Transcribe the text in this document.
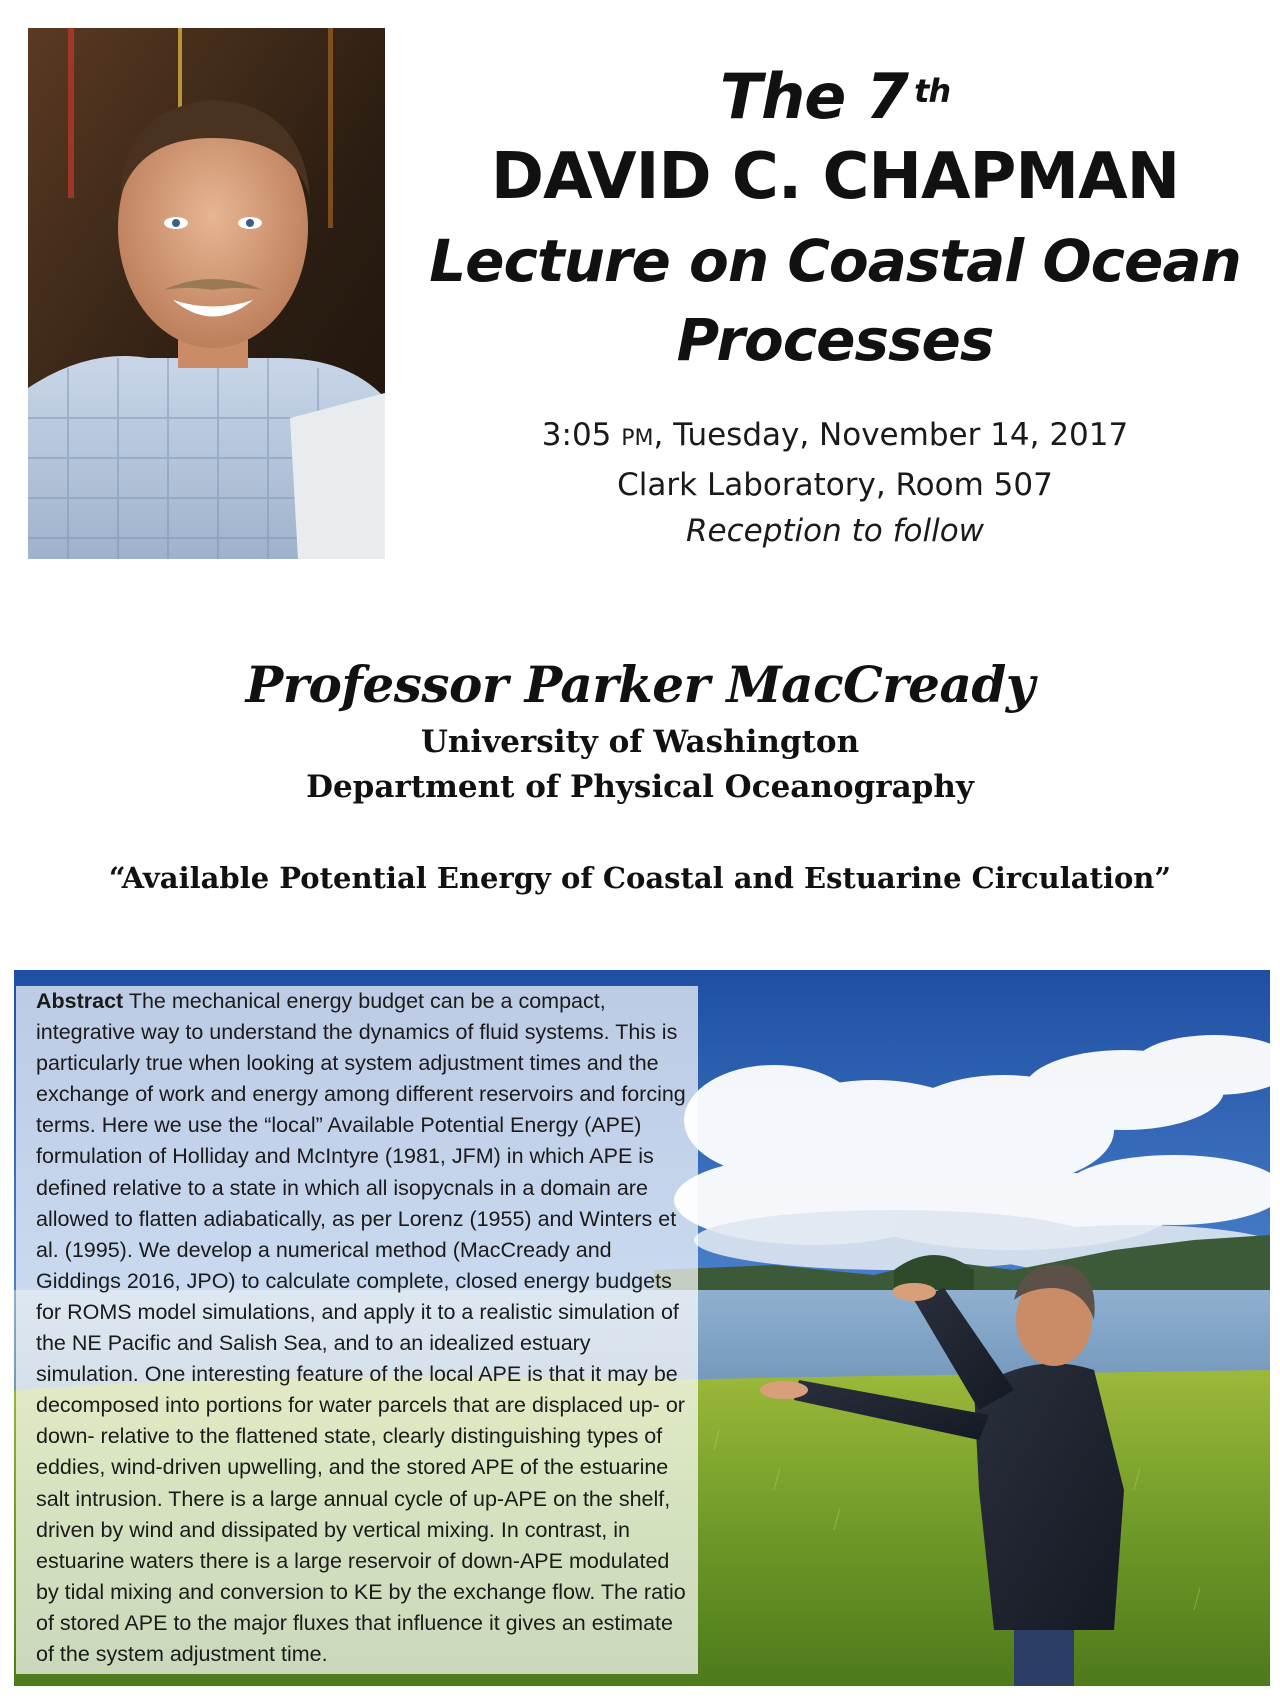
The 7 $^{th}$
DAVID C. CHAPMAN
Lecture on Coastal Ocean
Processes
3:05 PM, Tuesday, November 14, 2017
Clark Laboratory, Room 507
Reception to follow
Professor Parker MacCready
University of Washington
Department of Physical Oceanography
“Available Potential Energy of Coastal and Estuarine Circulation”

Abstract The mechanical energy budget can be a compact, integrative way to understand the dynamics of fluid systems. This is particularly true when looking at system adjustment times and the exchange of work and energy among different reservoirs and forcing terms. Here we use the “local” Available Potential Energy (APE) formulation of Holliday and McIntyre (1981, JFM) in which APE is defined relative to a state in which all isopycnals in a domain are allowed to flatten adiabatically, as per Lorenz (1955) and Winters et al. (1995). We develop a numerical method (MacCready and Giddings 2016, JPO) to calculate complete, closed energy budgets for ROMS model simulations, and apply it to a realistic simulation of the NE Pacific and Salish Sea, and to an idealized estuary simulation. One interesting feature of the local APE is that it may be decomposed into portions for water parcels that are displaced up- or down- relative to the flattened state, clearly distinguishing types of eddies, wind-driven upwelling, and the stored APE of the estuarine salt intrusion. There is a large annual cycle of up-APE on the shelf, driven by wind and dissipated by vertical mixing. In contrast, in estuarine waters there is a large reservoir of down-APE modulated by tidal mixing and conversion to KE by the exchange flow. The ratio of stored APE to the major fluxes that influence it gives an estimate of the system adjustment time.
